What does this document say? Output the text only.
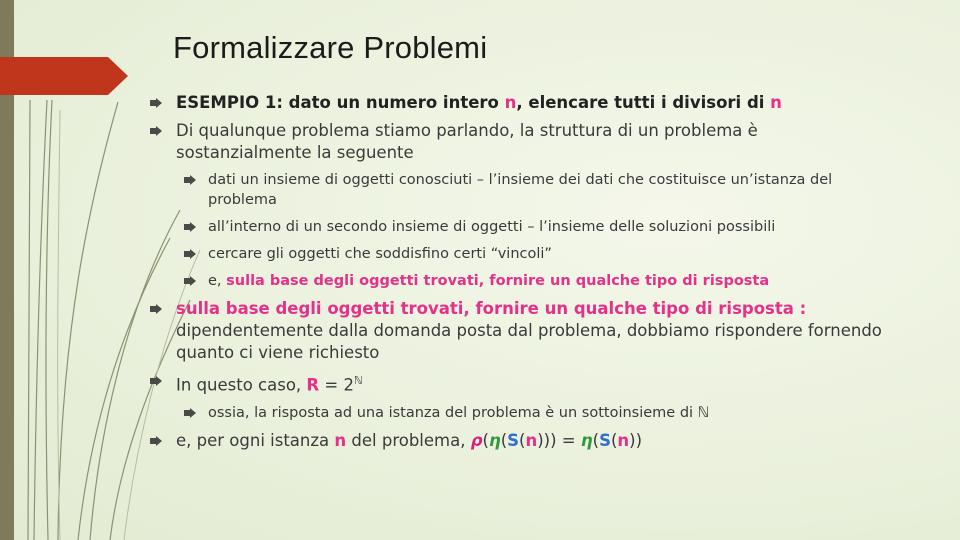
Formalizzare Problemi
ESEMPIO 1: dato un numero intero n, elencare tutti i divisori di n
Di qualunque problema stiamo parlando, la struttura di un problema è sostanzialmente la seguente
dati un insieme di oggetti conosciuti – l’insieme dei dati che costituisce un’istanza del problema
all’interno di un secondo insieme di oggetti – l’insieme delle soluzioni possibili
cercare gli oggetti che soddisfino certi “vincoli”
e, sulla base degli oggetti trovati, fornire un qualche tipo di risposta
sulla base degli oggetti trovati, fornire un qualche tipo di risposta : dipendentemente dalla domanda posta dal problema, dobbiamo rispondere fornendo quanto ci viene richiesto
In questo caso, $R = 2^ℕ$
ossia, la risposta ad una istanza del problema è un sottoinsieme di ℕ
e, per ogni istanza n del problema, ρ(η(S(n))) = η(S(n))
